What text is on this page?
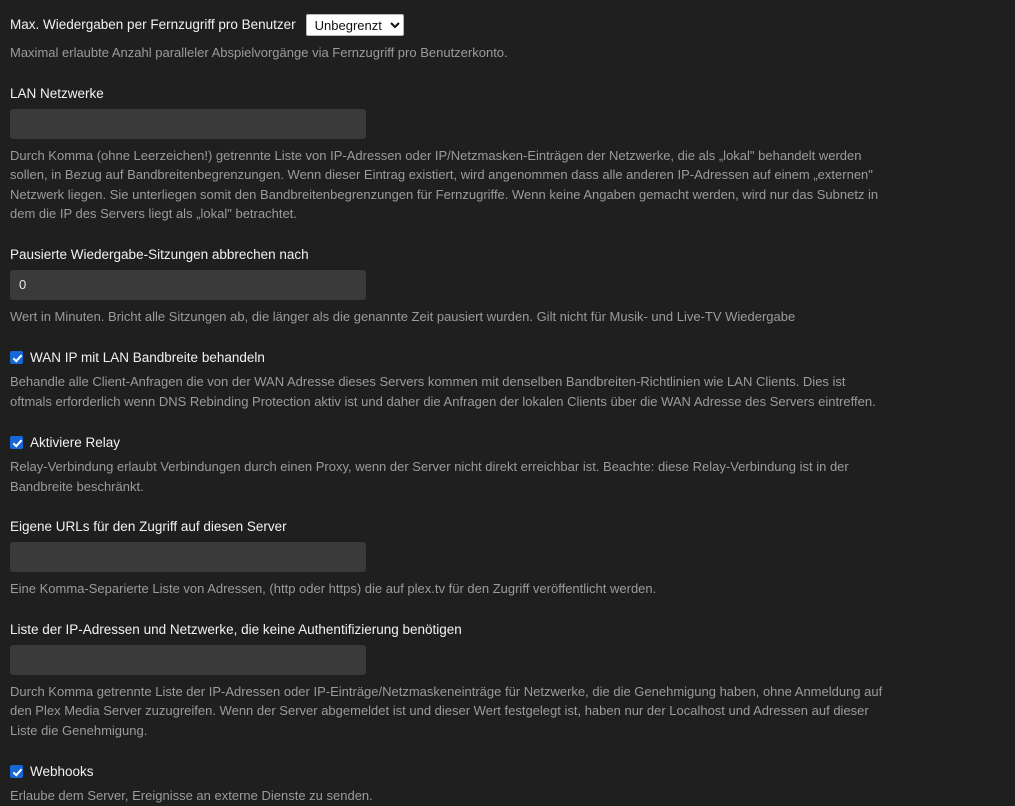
Max. Wiedergaben per Fernzugriff pro Benutzer
Unbegrenzt
Maximal erlaubte Anzahl paralleler Abspielvorgänge via Fernzugriff pro Benutzerkonto.
LAN Netzwerke
Durch Komma (ohne Leerzeichen!) getrennte Liste von IP-Adressen oder IP/Netzmasken-Einträgen der Netzwerke, die als „lokal" behandelt werden sollen, in Bezug auf Bandbreitenbegrenzungen. Wenn dieser Eintrag existiert, wird angenommen dass alle anderen IP-Adressen auf einem „externen" Netzwerk liegen. Sie unterliegen somit den Bandbreitenbegrenzungen für Fernzugriffe. Wenn keine Angaben gemacht werden, wird nur das Subnetz in dem die IP des Servers liegt als „lokal" betrachtet.
Pausierte Wiedergabe-Sitzungen abbrechen nach
0
Wert in Minuten. Bricht alle Sitzungen ab, die länger als die genannte Zeit pausiert wurden. Gilt nicht für Musik- und Live-TV Wiedergabe
WAN IP mit LAN Bandbreite behandeln
Behandle alle Client-Anfragen die von der WAN Adresse dieses Servers kommen mit denselben Bandbreiten-Richtlinien wie LAN Clients. Dies ist oftmals erforderlich wenn DNS Rebinding Protection aktiv ist und daher die Anfragen der lokalen Clients über die WAN Adresse des Servers eintreffen.
Aktiviere Relay
Relay-Verbindung erlaubt Verbindungen durch einen Proxy, wenn der Server nicht direkt erreichbar ist. Beachte: diese Relay-Verbindung ist in der Bandbreite beschränkt.
Eigene URLs für den Zugriff auf diesen Server
Eine Komma-Separierte Liste von Adressen, (http oder https) die auf plex.tv für den Zugriff veröffentlicht werden.
Liste der IP-Adressen und Netzwerke, die keine Authentifizierung benötigen
Durch Komma getrennte Liste der IP-Adressen oder IP-Einträge/Netzmaskeneinträge für Netzwerke, die die Genehmigung haben, ohne Anmeldung auf den Plex Media Server zuzugreifen. Wenn der Server abgemeldet ist und dieser Wert festgelegt ist, haben nur der Localhost und Adressen auf dieser Liste die Genehmigung.
Webhooks
Erlaube dem Server, Ereignisse an externe Dienste zu senden.
